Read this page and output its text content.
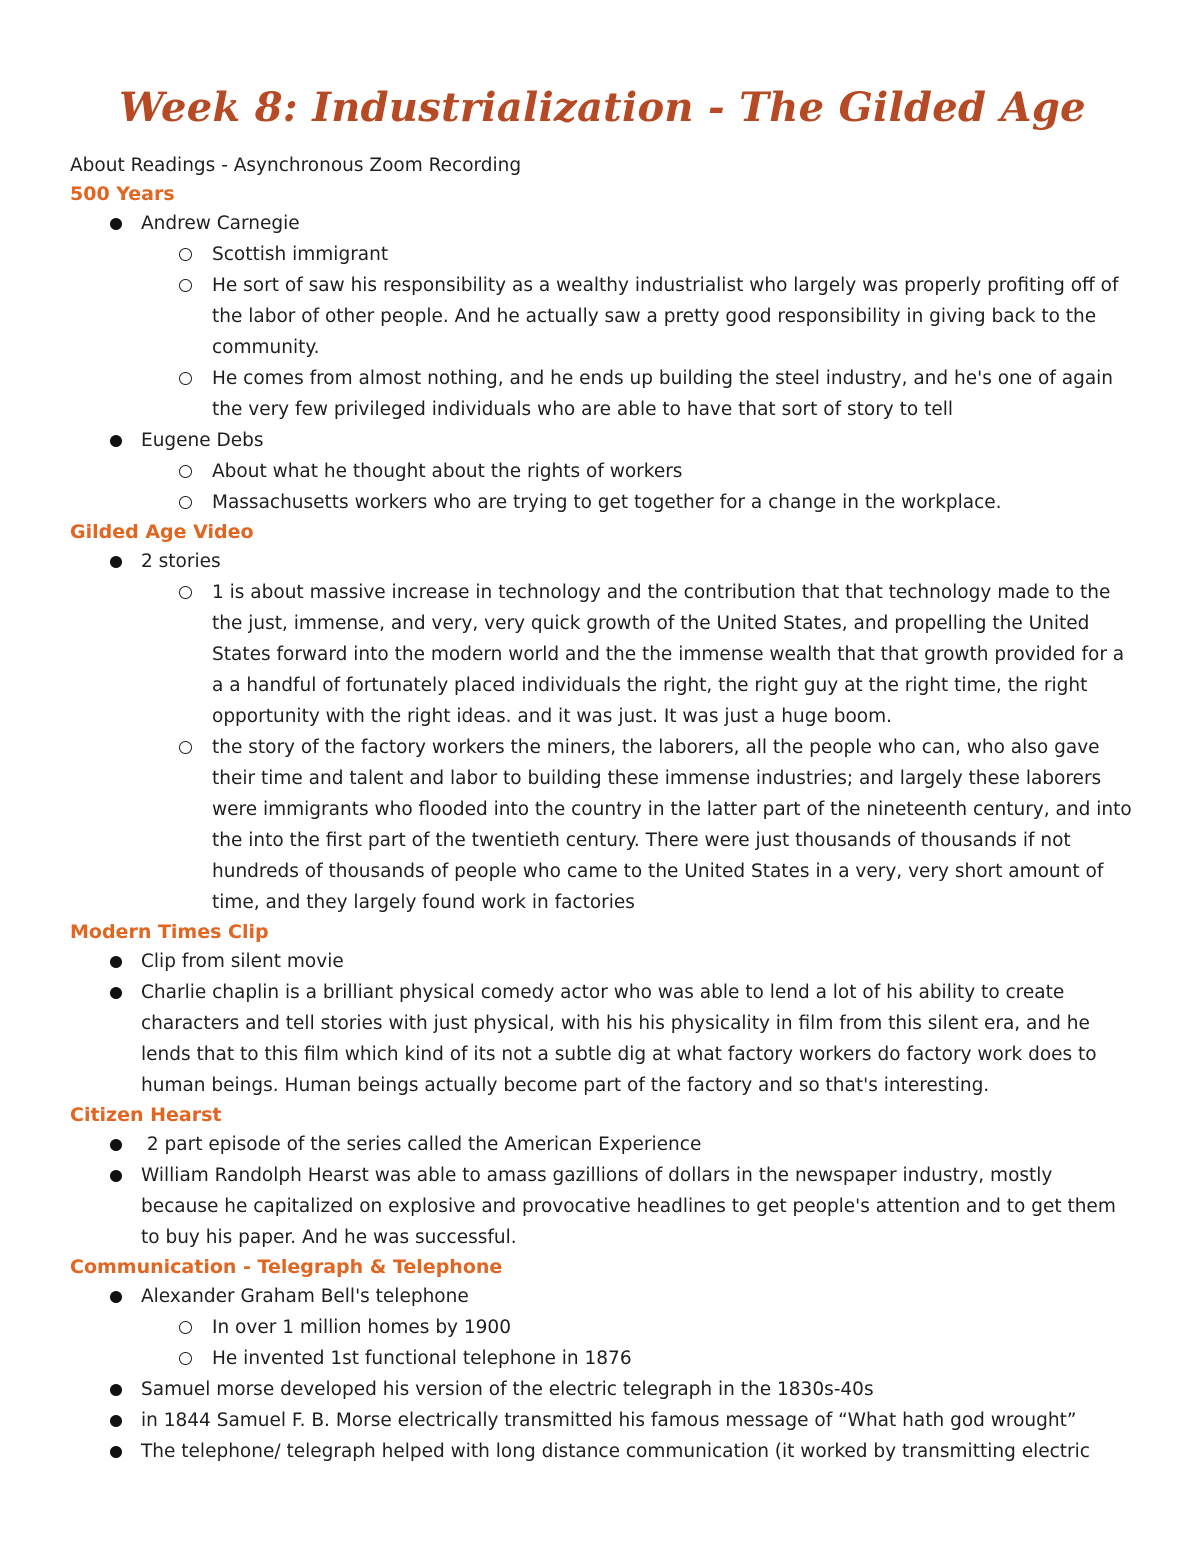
Week 8: Industrialization - The Gilded Age

About Readings - Asynchronous Zoom Recording

500 Years

Andrew Carnegie
Scottish immigrant
He sort of saw his responsibility as a wealthy industrialist who largely was properly profiting off of the labor of other people. And he actually saw a pretty good responsibility in giving back to the community.
He comes from almost nothing, and he ends up building the steel industry, and he's one of again the very few privileged individuals who are able to have that sort of story to tell
Eugene Debs
About what he thought about the rights of workers
Massachusetts workers who are trying to get together for a change in the workplace.

Gilded Age Video

2 stories
1 is about massive increase in technology and the contribution that that technology made to the the just, immense, and very, very quick growth of the United States, and propelling the United States forward into the modern world and the the immense wealth that that growth provided for a a a handful of fortunately placed individuals the right, the right guy at the right time, the right opportunity with the right ideas. and it was just. It was just a huge boom.
the story of the factory workers the miners, the laborers, all the people who can, who also gave their time and talent and labor to building these immense industries; and largely these laborers were immigrants who flooded into the country in the latter part of the nineteenth century, and into the into the first part of the twentieth century. There were just thousands of thousands if not hundreds of thousands of people who came to the United States in a very, very short amount of time, and they largely found work in factories

Modern Times Clip

Clip from silent movie
Charlie chaplin is a brilliant physical comedy actor who was able to lend a lot of his ability to create characters and tell stories with just physical, with his his physicality in film from this silent era, and he lends that to this film which kind of its not a subtle dig at what factory workers do factory work does to human beings. Human beings actually become part of the factory and so that's interesting.

Citizen Hearst

2 part episode of the series called the American Experience
William Randolph Hearst was able to amass gazillions of dollars in the newspaper industry, mostly because he capitalized on explosive and provocative headlines to get people's attention and to get them to buy his paper. And he was successful.

Communication - Telegraph & Telephone

Alexander Graham Bell's telephone
In over 1 million homes by 1900
He invented 1st functional telephone in 1876
Samuel morse developed his version of the electric telegraph in the 1830s-40s
in 1844 Samuel F. B. Morse electrically transmitted his famous message of “What hath god wrought”
The telephone/ telegraph helped with long distance communication (it worked by transmitting electric
